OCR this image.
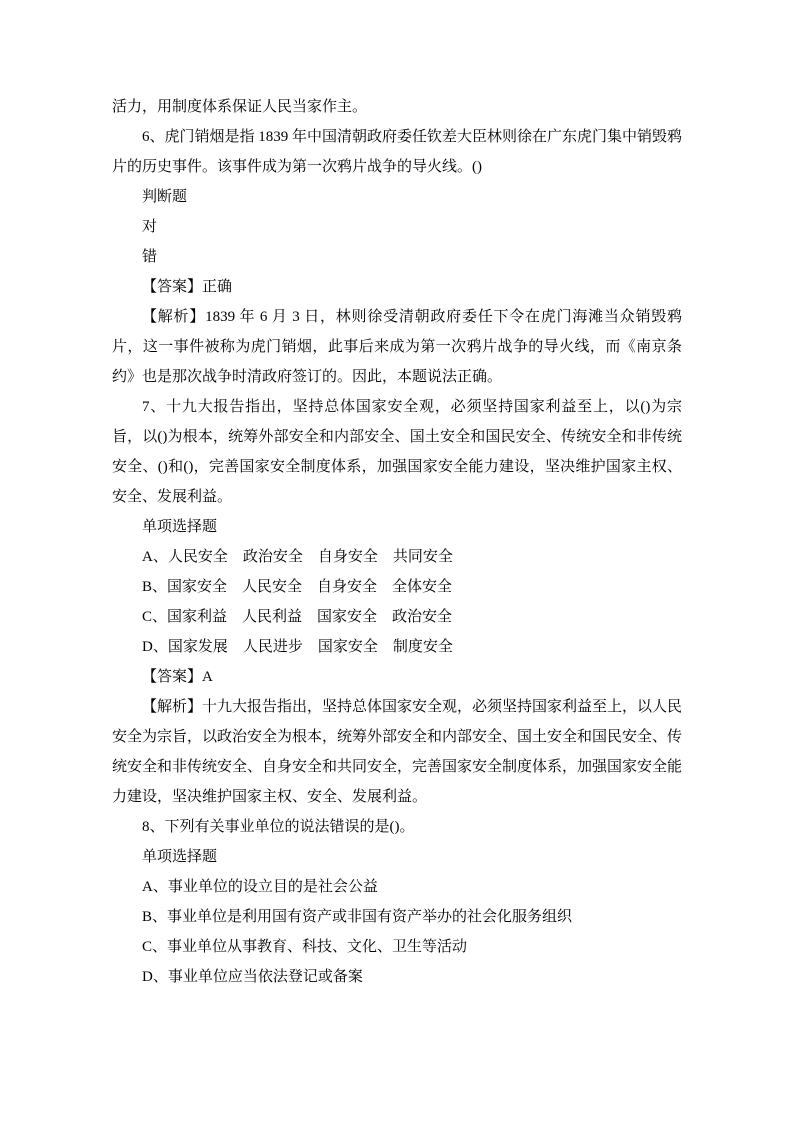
活力，用制度体系保证人民当家作主。

6、虎门销烟是指 1839 年中国清朝政府委任钦差大臣林则徐在广东虎门集中销毁鸦片的历史事件。该事件成为第一次鸦片战争的导火线。()

判断题

对

错

【答案】正确

【解析】1839 年 6 月 3 日，林则徐受清朝政府委任下令在虎门海滩当众销毁鸦片，这一事件被称为虎门销烟，此事后来成为第一次鸦片战争的导火线，而《南京条约》也是那次战争时清政府签订的。因此，本题说法正确。

7、十九大报告指出，坚持总体国家安全观，必须坚持国家利益至上，以()为宗旨，以()为根本，统筹外部安全和内部安全、国土安全和国民安全、传统安全和非传统安全、()和()，完善国家安全制度体系，加强国家安全能力建设，坚决维护国家主权、安全、发展利益。

单项选择题

A、人民安全　政治安全　自身安全　共同安全

B、国家安全　人民安全　自身安全　全体安全

C、国家利益　人民利益　国家安全　政治安全

D、国家发展　人民进步　国家安全　制度安全

【答案】A

【解析】十九大报告指出，坚持总体国家安全观，必须坚持国家利益至上，以人民安全为宗旨，以政治安全为根本，统筹外部安全和内部安全、国土安全和国民安全、传统安全和非传统安全、自身安全和共同安全，完善国家安全制度体系，加强国家安全能力建设，坚决维护国家主权、安全、发展利益。

8、下列有关事业单位的说法错误的是()。

单项选择题

A、事业单位的设立目的是社会公益

B、事业单位是利用国有资产或非国有资产举办的社会化服务组织

C、事业单位从事教育、科技、文化、卫生等活动

D、事业单位应当依法登记或备案
